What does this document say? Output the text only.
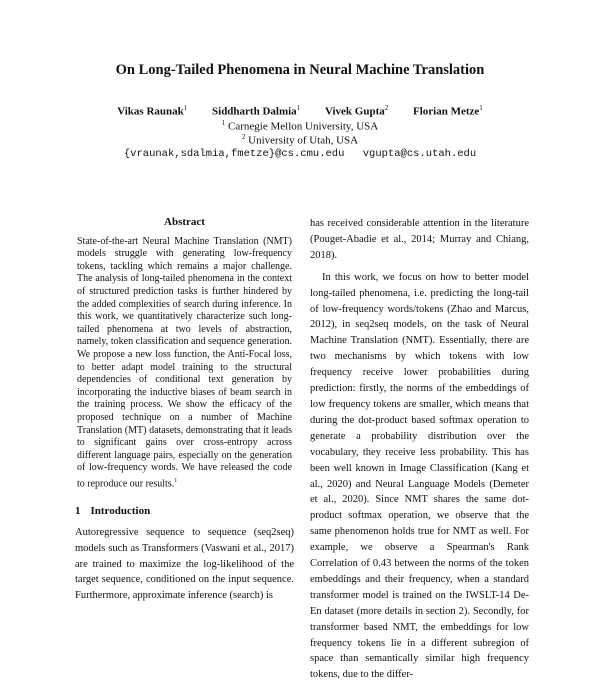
On Long-Tailed Phenomena in Neural Machine Translation
Vikas Raunak$^1$ Siddharth Dalmia$^1$ Vivek Gupta$^2$ Florian Metze$^1$
$^1$ Carnegie Mellon University, USA
$^2$ University of Utah, USA
{vraunak,sdalmia,fmetze}@cs.cmu.edu vgupta@cs.utah.edu
Abstract

State-of-the-art Neural Machine Translation (NMT) models struggle with generating low-frequency tokens, tackling which remains a major challenge. The analysis of long-tailed phenomena in the context of structured prediction tasks is further hindered by the added complexities of search during inference. In this work, we quantitatively characterize such long-tailed phenomena at two levels of abstraction, namely, token classification and sequence generation. We propose a new loss function, the Anti-Focal loss, to better adapt model training to the structural dependencies of conditional text generation by incorporating the inductive biases of beam search in the training process. We show the efficacy of the proposed technique on a number of Machine Translation (MT) datasets, demonstrating that it leads to significant gains over cross-entropy across different language pairs, especially on the generation of low-frequency words. We have released the code to reproduce our results.$^1$

1 Introduction

Autoregressive sequence to sequence (seq2seq) models such as Transformers (Vaswani et al., 2017) are trained to maximize the log-likelihood of the target sequence, conditioned on the input sequence. Furthermore, approximate inference (search) is

has received considerable attention in the literature (Pouget-Abadie et al., 2014; Murray and Chiang, 2018).

In this work, we focus on how to better model long-tailed phenomena, i.e. predicting the long-tail of low-frequency words/tokens (Zhao and Marcus, 2012), in seq2seq models, on the task of Neural Machine Translation (NMT). Essentially, there are two mechanisms by which tokens with low frequency receive lower probabilities during prediction: firstly, the norms of the embeddings of low frequency tokens are smaller, which means that during the dot-product based softmax operation to generate a probability distribution over the vocabulary, they receive less probability. This has been well known in Image Classification (Kang et al., 2020) and Neural Language Models (Demeter et al., 2020). Since NMT shares the same dot-product softmax operation, we observe that the same phenomenon holds true for NMT as well. For example, we observe a Spearman's Rank Correlation of 0.43 between the norms of the token embeddings and their frequency, when a standard transformer model is trained on the IWSLT-14 De-En dataset (more details in section 2). Secondly, for transformer based NMT, the embeddings for low frequency tokens lie in a different subregion of space than semantically similar high frequency tokens, due to the differ-
